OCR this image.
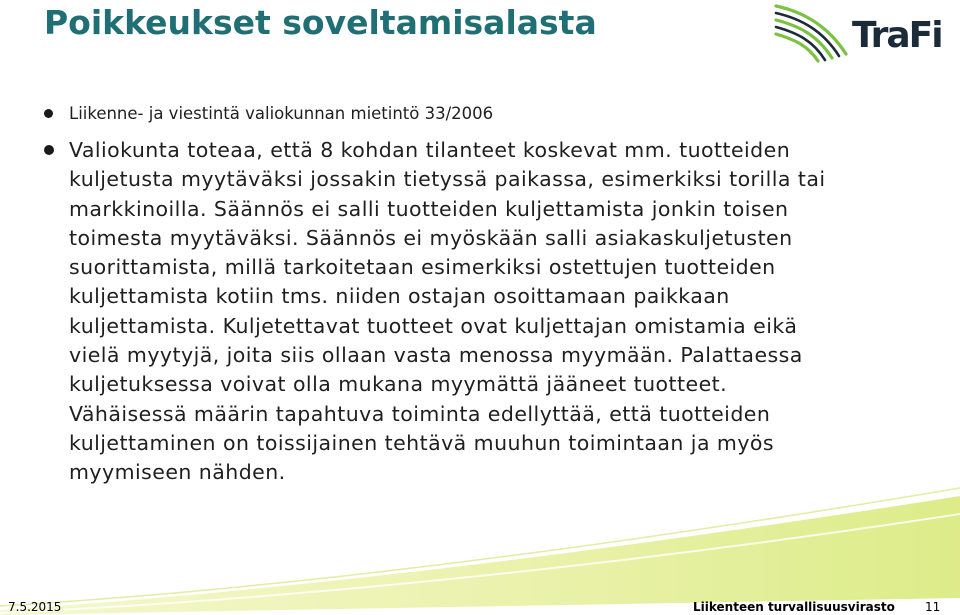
Poikkeukset soveltamisalasta	TraFi
Liikenne- ja viestintä valiokunnan mietintö 33/2006
Valiokunta toteaa, että 8 kohdan tilanteet koskevat mm. tuotteiden kuljetusta myytäväksi jossakin tietyssä paikassa, esimerkiksi torilla tai markkinoilla. Säännös ei salli tuotteiden kuljettamista jonkin toisen toimesta myytäväksi. Säännös ei myöskään salli asiakaskuljetusten suorittamista, millä tarkoitetaan esimerkiksi ostettujen tuotteiden kuljettamista kotiin tms. niiden ostajan osoittamaan paikkaan kuljettamista. Kuljetettavat tuotteet ovat kuljettajan omistamia eikä vielä myytyjä, joita siis ollaan vasta menossa myymään. Palattaessa kuljetuksessa voivat olla mukana myymättä jääneet tuotteet. Vähäisessä määrin tapahtuva toiminta edellyttää, että tuotteiden kuljettaminen on toissijainen tehtävä muuhun toimintaan ja myös myymiseen nähden.
7.5.2015	Liikenteen turvallisuusvirasto	11
